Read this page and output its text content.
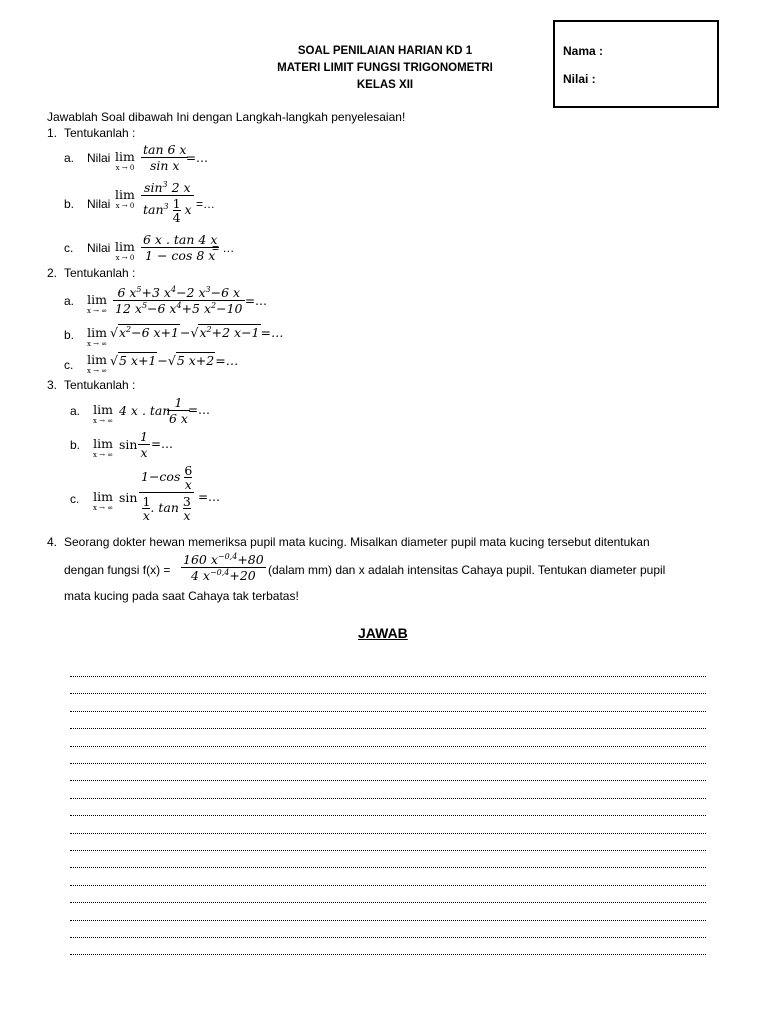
SOAL PENILAIAN HARIAN KD 1
MATERI LIMIT FUNGSI TRIGONOMETRI
KELAS XII
Nama :
Nilai :
Jawablah Soal dibawah Ini dengan Langkah-langkah penyelesaian!
1. Tentukanlah :
a. Nilai lim
$x \to 0 \frac{\tan 6 x}{\text{sin x}}$
=…
b. Nilai
lim
$x \to 0 \frac{\sin^3 2 x}{\tan^3 \frac{1}{4} x}$ =…
c. Nilai lim
$x \to 0 \frac{6 x . \tan 4 x}{1 - \cos 8 x}$
= …
2. Tentukanlah :
a. lim
x → ∞ $\frac{6 x^5+3 x^4-2 x^3-6 x}{12 x^5-6 x^4+5 x^2-10}$ =…
b. lim
x → ∞
$√x^2-6$ $x+1-√x^2+2$ x−1=…
c. lim
x → ∞
√5 x+1−√5 x+2=…
3. Tentukanlah :
a. lim
x → ∞
4 x . tan
$\frac{1}{6 x}$
=…
b. lim
x → ∞
$\sin \frac{1}{x}$ =…
c. lim
x → ∞
$\sin \frac{1-\cos \frac{6}{x}}{\frac{1}{x} . \tan \frac{3}{x}}$ =…
4. Seorang dokter hewan memeriksa pupil mata kucing. Misalkan diameter pupil mata kucing tersebut ditentukan
dengan fungsi $f(x) = \frac{160 x^{-0,4}+80}{4 x^{-0,4}+20}$ (dalam mm) dan x adalah intensitas Cahaya pupil. Tentukan diameter pupil
mata kucing pada saat Cahaya tak terbatas!
JAWAB
